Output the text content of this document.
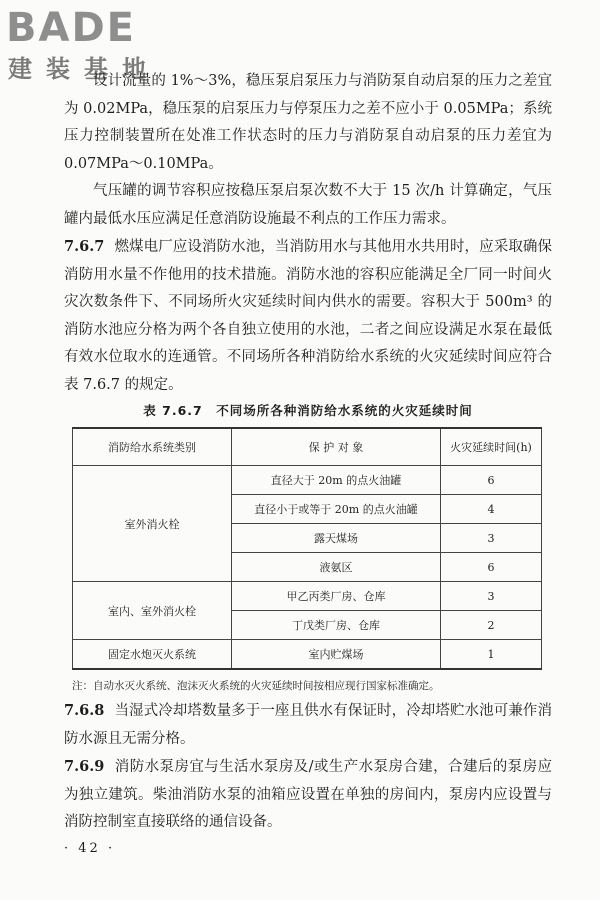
BADE
建装基地

设计流量的 1%～3%，稳压泵启泵压力与消防泵自动启泵的压力之差宜为 0.02MPa，稳压泵的启泵压力与停泵压力之差不应小于 0.05MPa；系统压力控制装置所在处准工作状态时的压力与消防泵自动启泵的压力差宜为 0.07MPa～0.10MPa。

气压罐的调节容积应按稳压泵启泵次数不大于 15 次/h 计算确定，气压罐内最低水压应满足任意消防设施最不利点的工作压力需求。

7.6.7 燃煤电厂应设消防水池，当消防用水与其他用水共用时，应采取确保消防用水量不作他用的技术措施。消防水池的容积应能满足全厂同一时间火灾次数条件下、不同场所火灾延续时间内供水的需要。容积大于 500m³ 的消防水池应分格为两个各自独立使用的水池，二者之间应设满足水泵在最低有效水位取水的连通管。不同场所各种消防给水系统的火灾延续时间应符合表 7.6.7 的规定。

表 7.6.7　不同场所各种消防给水系统的火灾延续时间
消防给水系统类别	保 护 对 象	火灾延续时间(h)
室外消火栓	直径大于 20m 的点火油罐	6
	直径小于或等于 20m 的点火油罐	4
	露天煤场	3
	液氨区	6
室内、室外消火栓	甲乙丙类厂房、仓库	3
	丁戊类厂房、仓库	2
固定水炮灭火系统	室内贮煤场	1
注：自动水灭火系统、泡沫灭火系统的火灾延续时间按相应现行国家标准确定。

7.6.8 当湿式冷却塔数量多于一座且供水有保证时，冷却塔贮水池可兼作消防水源且无需分格。

7.6.9 消防水泵房宜与生活水泵房及/或生产水泵房合建，合建后的泵房应为独立建筑。柴油消防水泵的油箱应设置在单独的房间内，泵房内应设置与消防控制室直接联络的通信设备。

· 42 ·
